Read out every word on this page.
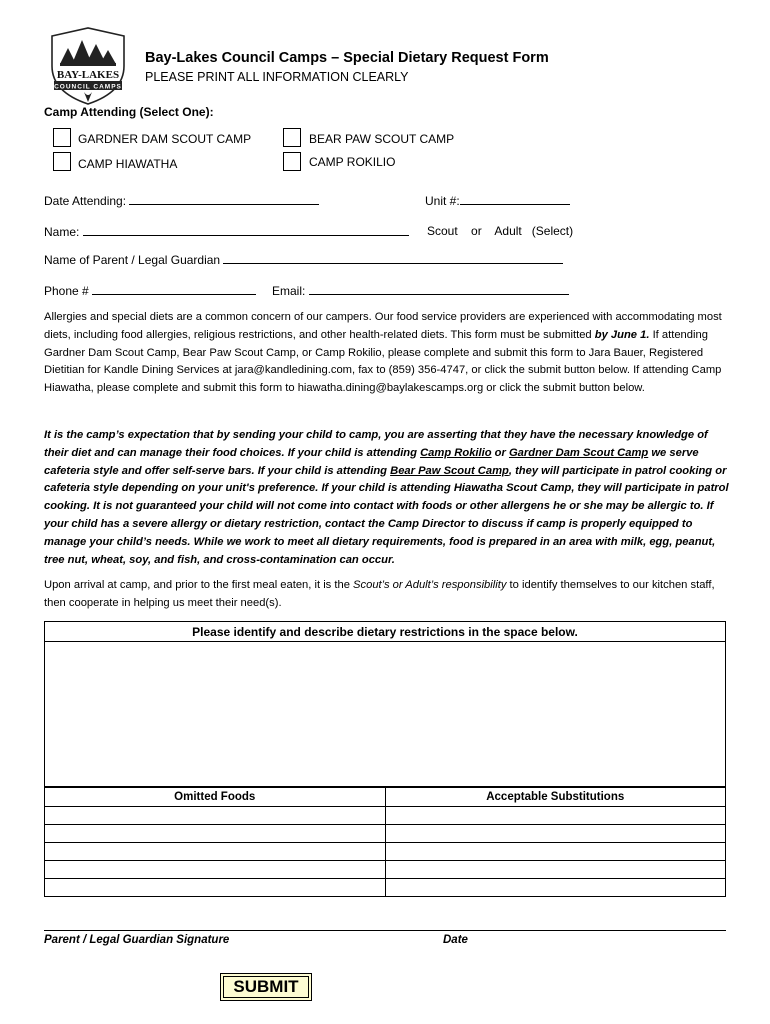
BAY-LAKES
COUNCIL CAMPS
Bay-Lakes Council Camps – Special Dietary Request Form
PLEASE PRINT ALL INFORMATION CLEARLY
Camp Attending (Select One):
GARDNER DAM SCOUT CAMP
CAMP HIAWATHA
BEAR PAW SCOUT CAMP
CAMP ROKILIO
Date Attending:	Unit #:
Name:	Scout or Adult (Select)
Name of Parent / Legal Guardian
Phone #	Email:

Allergies and special diets are a common concern of our campers. Our food service providers are experienced with accommodating most diets, including food allergies, religious restrictions, and other health-related diets. This form must be submitted by June 1. If attending Gardner Dam Scout Camp, Bear Paw Scout Camp, or Camp Rokilio, please complete and submit this form to Jara Bauer, Registered Dietitian for Kandle Dining Services at jara@kandledining.com, fax to (859) 356-4747, or click the submit button below. If attending Camp Hiawatha, please complete and submit this form to hiawatha.dining@baylakescamps.org or click the submit button below.

It is the camp’s expectation that by sending your child to camp, you are asserting that they have the necessary knowledge of their diet and can manage their food choices. If your child is attending Camp Rokilio or Gardner Dam Scout Camp we serve cafeteria style and offer self-serve bars. If your child is attending Bear Paw Scout Camp, they will participate in patrol cooking or cafeteria style depending on your unit's preference. If your child is attending Hiawatha Scout Camp, they will participate in patrol cooking. It is not guaranteed your child will not come into contact with foods or other allergens he or she may be allergic to. If your child has a severe allergy or dietary restriction, contact the Camp Director to discuss if camp is properly equipped to manage your child’s needs. While we work to meet all dietary requirements, food is prepared in an area with milk, egg, peanut, tree nut, wheat, soy, and fish, and cross-contamination can occur.

Upon arrival at camp, and prior to the first meal eaten, it is the Scout’s or Adult’s responsibility to identify themselves to our kitchen staff, then cooperate in helping us meet their need(s).

Please identify and describe dietary restrictions in the space below.
Omitted Foods	Acceptable Substitutions

Parent / Legal Guardian Signature	Date
SUBMIT
